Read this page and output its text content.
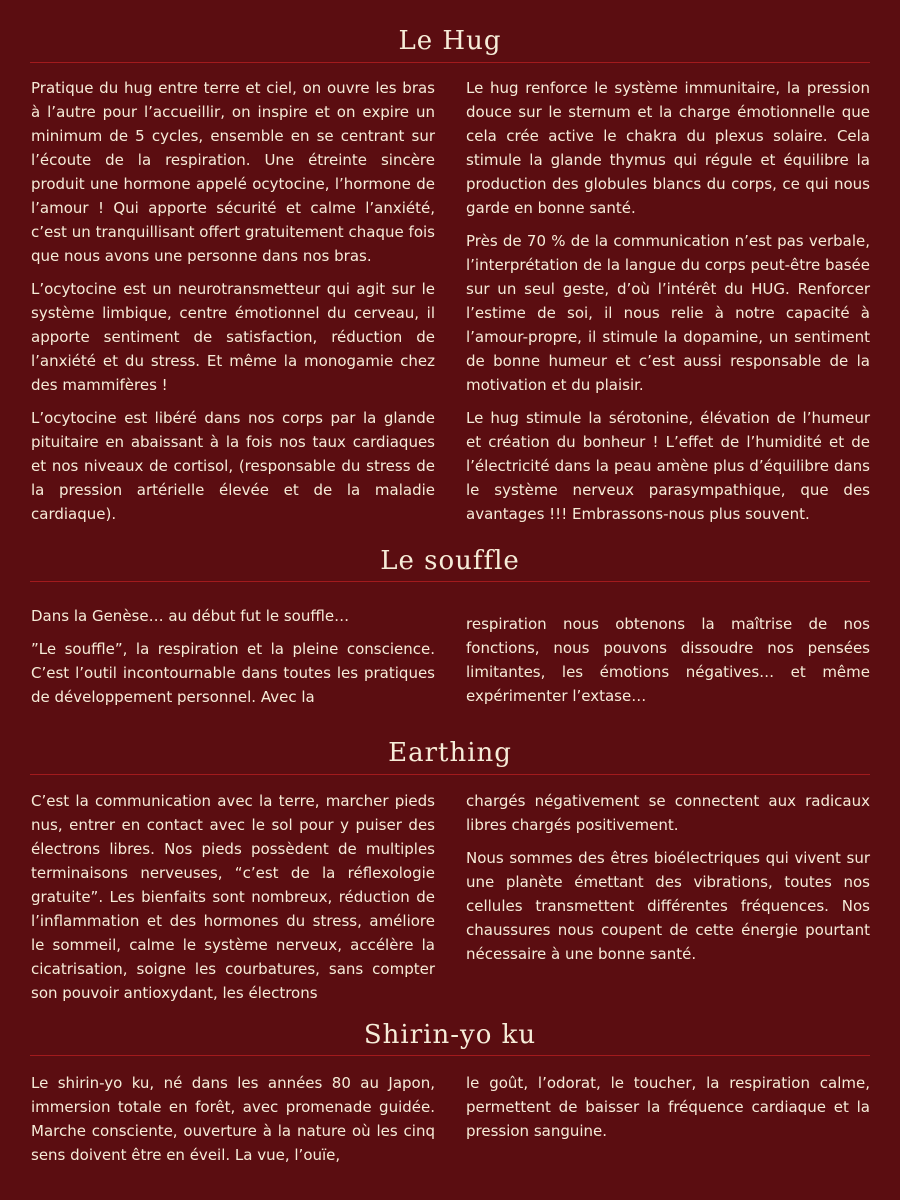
Le Hug

Pratique du hug entre terre et ciel, on ouvre les bras à l’autre pour l’accueillir, on inspire et on expire un minimum de 5 cycles, ensemble en se centrant sur l’écoute de la respiration. Une étreinte sincère produit une hormone appelé ocytocine, l’hormone de l’amour ! Qui apporte sécurité et calme l’anxiété, c’est un tranquillisant offert gratuitement chaque fois que nous avons une personne dans nos bras.

L’ocytocine est un neurotransmetteur qui agit sur le système limbique, centre émotionnel du cerveau, il apporte sentiment de satisfaction, réduction de l’anxiété et du stress. Et même la monogamie chez des mammifères !

L’ocytocine est libéré dans nos corps par la glande pituitaire en abaissant à la fois nos taux cardiaques et nos niveaux de cortisol, (responsable du stress de la pression artérielle élevée et de la maladie cardiaque).

Le hug renforce le système immunitaire, la pression douce sur le sternum et la charge émotionnelle que cela crée active le chakra du plexus solaire. Cela stimule la glande thymus qui régule et équilibre la production des globules blancs du corps, ce qui nous garde en bonne santé.

Près de 70 % de la communication n’est pas verbale, l’interprétation de la langue du corps peut-être basée sur un seul geste, d’où l’intérêt du HUG. Renforcer l’estime de soi, il nous relie à notre capacité à l’amour-propre, il stimule la dopamine, un sentiment de bonne humeur et c’est aussi responsable de la motivation et du plaisir.

Le hug stimule la sérotonine, élévation de l’humeur et création du bonheur ! L’effet de l’humidité et de l’électricité dans la peau amène plus d’équilibre dans le système nerveux parasympathique, que des avantages !!! Embrassons-nous plus souvent.

Le souffle

Dans la Genèse… au début fut le souffle…

”Le souffle”, la respiration et la pleine conscience. C’est l’outil incontournable dans toutes les pratiques de développement personnel. Avec la

respiration nous obtenons la maîtrise de nos fonctions, nous pouvons dissoudre nos pensées limitantes, les émotions négatives… et même expérimenter l’extase…

Earthing

C’est la communication avec la terre, marcher pieds nus, entrer en contact avec le sol pour y puiser des électrons libres. Nos pieds possèdent de multiples terminaisons nerveuses, “c’est de la réflexologie gratuite”. Les bienfaits sont nombreux, réduction de l’inflammation et des hormones du stress, améliore le sommeil, calme le système nerveux, accélère la cicatrisation, soigne les courbatures, sans compter son pouvoir antioxydant, les électrons

chargés négativement se connectent aux radicaux libres chargés positivement.

Nous sommes des êtres bioélectriques qui vivent sur une planète émettant des vibrations, toutes nos cellules transmettent différentes fréquences. Nos chaussures nous coupent de cette énergie pourtant nécessaire à une bonne santé.

Shirin-yo ku

Le shirin-yo ku, né dans les années 80 au Japon, immersion totale en forêt, avec promenade guidée. Marche consciente, ouverture à la nature où les cinq sens doivent être en éveil. La vue, l’ouïe,

le goût, l’odorat, le toucher, la respiration calme, permettent de baisser la fréquence cardiaque et la pression sanguine.
